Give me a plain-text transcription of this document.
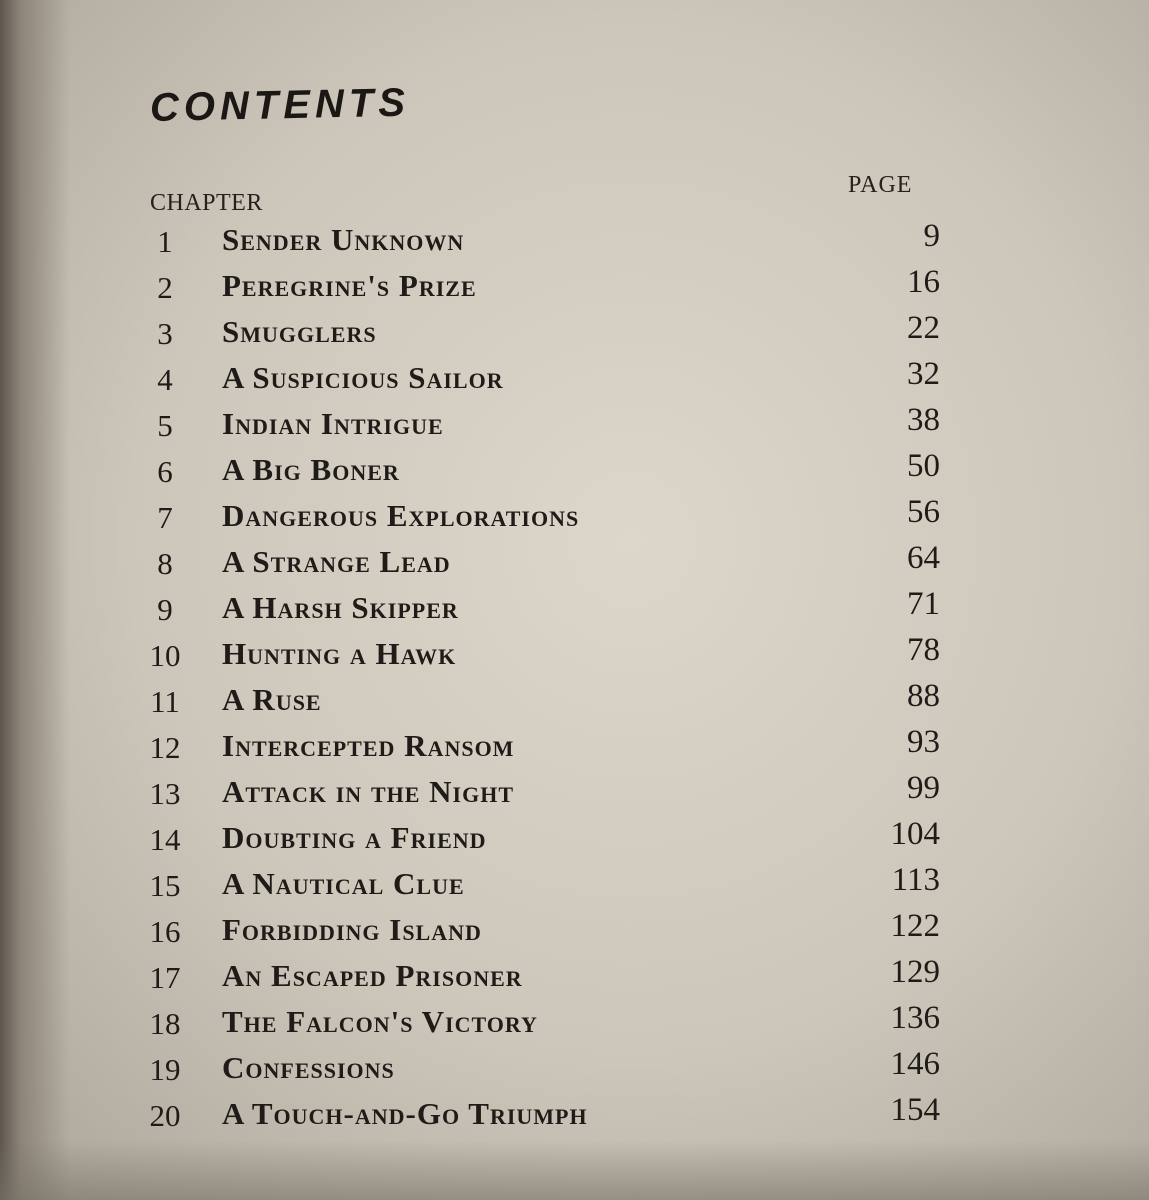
CONTENTS
CHAPTER
PAGE
1	Sender Unknown	9
2	Peregrine's Prize	16
3	Smugglers	22
4	A Suspicious Sailor	32
5	Indian Intrigue	38
6	A Big Boner	50
7	Dangerous Explorations	56
8	A Strange Lead	64
9	A Harsh Skipper	71
10	Hunting a Hawk	78
11	A Ruse	88
12	Intercepted Ransom	93
13	Attack in the Night	99
14	Doubting a Friend	104
15	A Nautical Clue	113
16	Forbidding Island	122
17	An Escaped Prisoner	129
18	The Falcon's Victory	136
19	Confessions	146
20	A Touch-and-Go Triumph	154
